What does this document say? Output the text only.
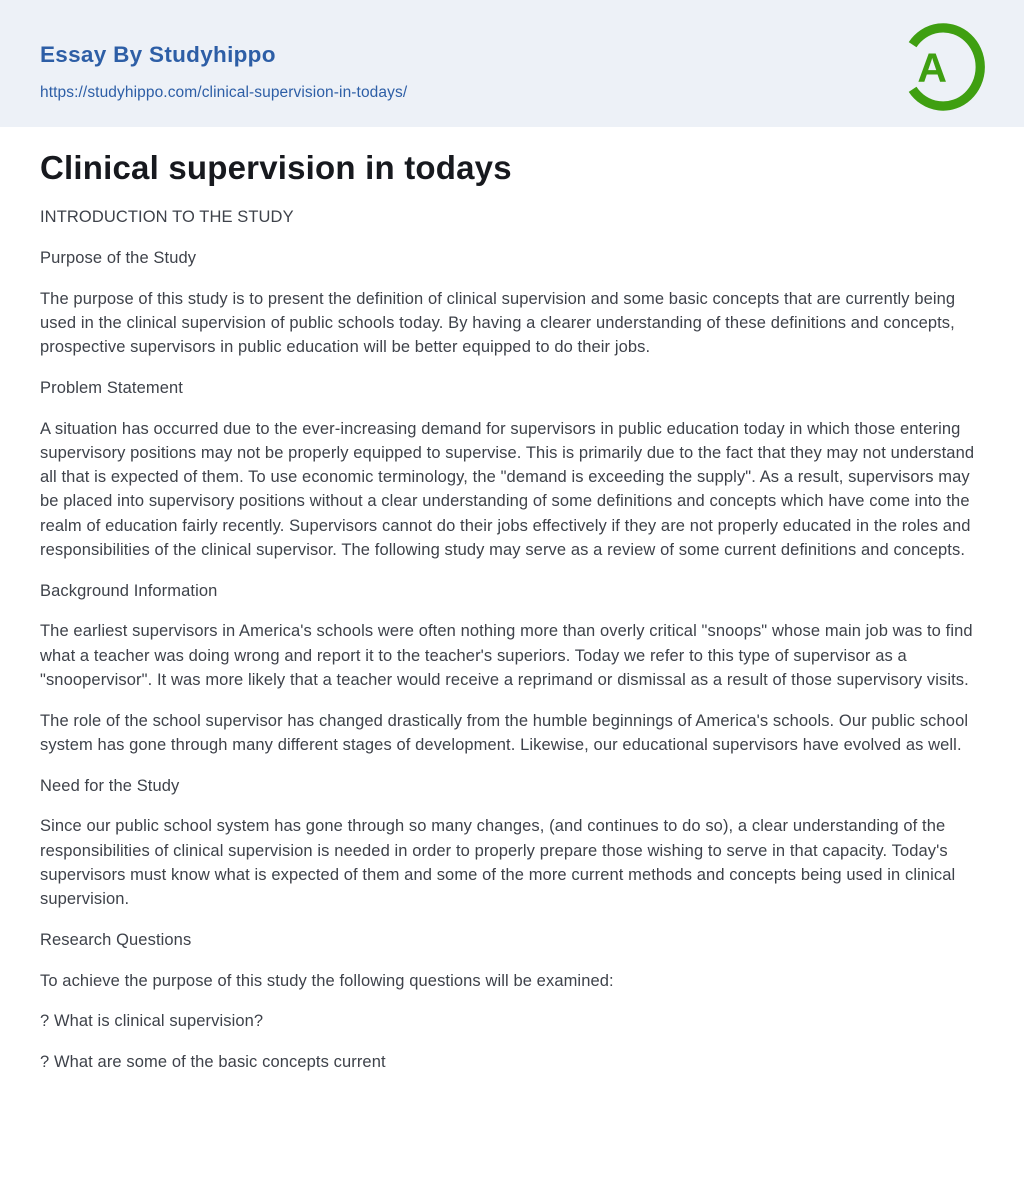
Essay By Studyhippo
https://studyhippo.com/clinical-supervision-in-todays/
A
Clinical supervision in todays

INTRODUCTION TO THE STUDY

Purpose of the Study

The purpose of this study is to present the definition of clinical supervision and some basic concepts that are currently being used in the clinical supervision of public schools today. By having a clearer understanding of these definitions and concepts, prospective supervisors in public education will be better equipped to do their jobs.

Problem Statement

A situation has occurred due to the ever-increasing demand for supervisors in public education today in which those entering supervisory positions may not be properly equipped to supervise. This is primarily due to the fact that they may not understand all that is expected of them. To use economic terminology, the "demand is exceeding the supply". As a result, supervisors may be placed into supervisory positions without a clear understanding of some definitions and concepts which have come into the realm of education fairly recently. Supervisors cannot do their jobs effectively if they are not properly educated in the roles and responsibilities of the clinical supervisor. The following study may serve as a review of some current definitions and concepts.

Background Information

The earliest supervisors in America's schools were often nothing more than overly critical "snoops" whose main job was to find what a teacher was doing wrong and report it to the teacher's superiors. Today we refer to this type of supervisor as a "snoopervisor". It was more likely that a teacher would receive a reprimand or dismissal as a result of those supervisory visits.

The role of the school supervisor has changed drastically from the humble beginnings of America's schools. Our public school system has gone through many different stages of development. Likewise, our educational supervisors have evolved as well.

Need for the Study

Since our public school system has gone through so many changes, (and continues to do so), a clear understanding of the responsibilities of clinical supervision is needed in order to properly prepare those wishing to serve in that capacity. Today's supervisors must know what is expected of them and some of the more current methods and concepts being used in clinical supervision.

Research Questions

To achieve the purpose of this study the following questions will be examined:

? What is clinical supervision?

? What are some of the basic concepts current
